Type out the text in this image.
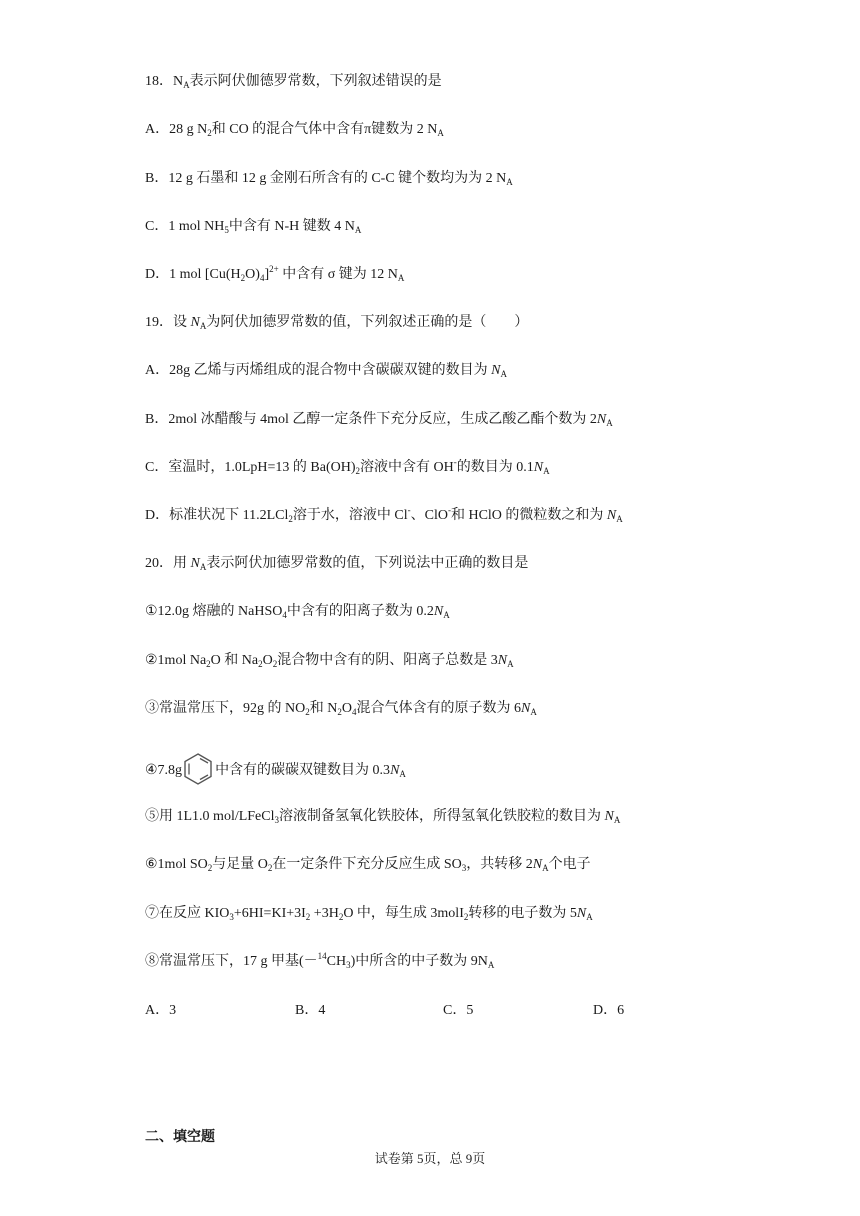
18．$N_A$表示阿伏伽德罗常数，下列叙述错误的是
A．28 g $N_2$和 CO 的混合气体中含有π键数为 2 $N_A$
B．12 g 石墨和 12 g 金刚石所含有的 C-C 键个数均为为 2 $N_A$
C．1 mol $NH_5$中含有 N-H 键数 4 $N_A$
D．1 mol $[Cu(H_2O)_4]^{2+}$ 中含有 σ 键为 12 $N_A$
19．设 $N_A$为阿伏加德罗常数的值，下列叙述正确的是（　　）
A．28g 乙烯与丙烯组成的混合物中含碳碳双键的数目为 $N_A$
B．2mol 冰醋酸与 4mol 乙醇一定条件下充分反应，生成乙酸乙酯个数为 $2N_A$
C．室温时，1.0LpH=13 的 $Ba(OH)_2$溶液中含有 OH-的数目为 $0.1N_A$
D．标准状况下 11.2LCl$_2$溶于水，溶液中 Cl-、ClO-和 HClO 的微粒数之和为 $N_A$
20．用 $N_A$表示阿伏加德罗常数的值，下列说法中正确的数目是
①12.0g 熔融的 NaHSO$_4$中含有的阳离子数为 $0.2N_A$
②1mol $Na_2O$ 和 $Na_2O_2$混合物中含有的阴、阳离子总数是 $3N_A$
③常温常压下，92g 的 $NO_2$和 $N_2O_4$混合气体含有的原子数为 $6N_A$
④7.8g 中含有的碳碳双键数目为 $0.3N_A$
⑤用 1L1.0 mol/LFeCl$_3$溶液制备氢氧化铁胶体，所得氢氧化铁胶粒的数目为 $N_A$
⑥1mol $SO_2$与足量 $O_2$在一定条件下充分反应生成 $SO_3$，共转移 $2N_A$个电子
⑦在反应 $KIO_3+6HI=KI+3I_2 +3H_2O$ 中，每生成 3molI$_2$转移的电子数为 $5N_A$
⑧常温常压下，17 g 甲基$(-^{14}CH_3)$中所含的中子数为 $9N_A$
A．3	B．4	C．5	D．6
二、填空题
试卷第 5页，总 9页
